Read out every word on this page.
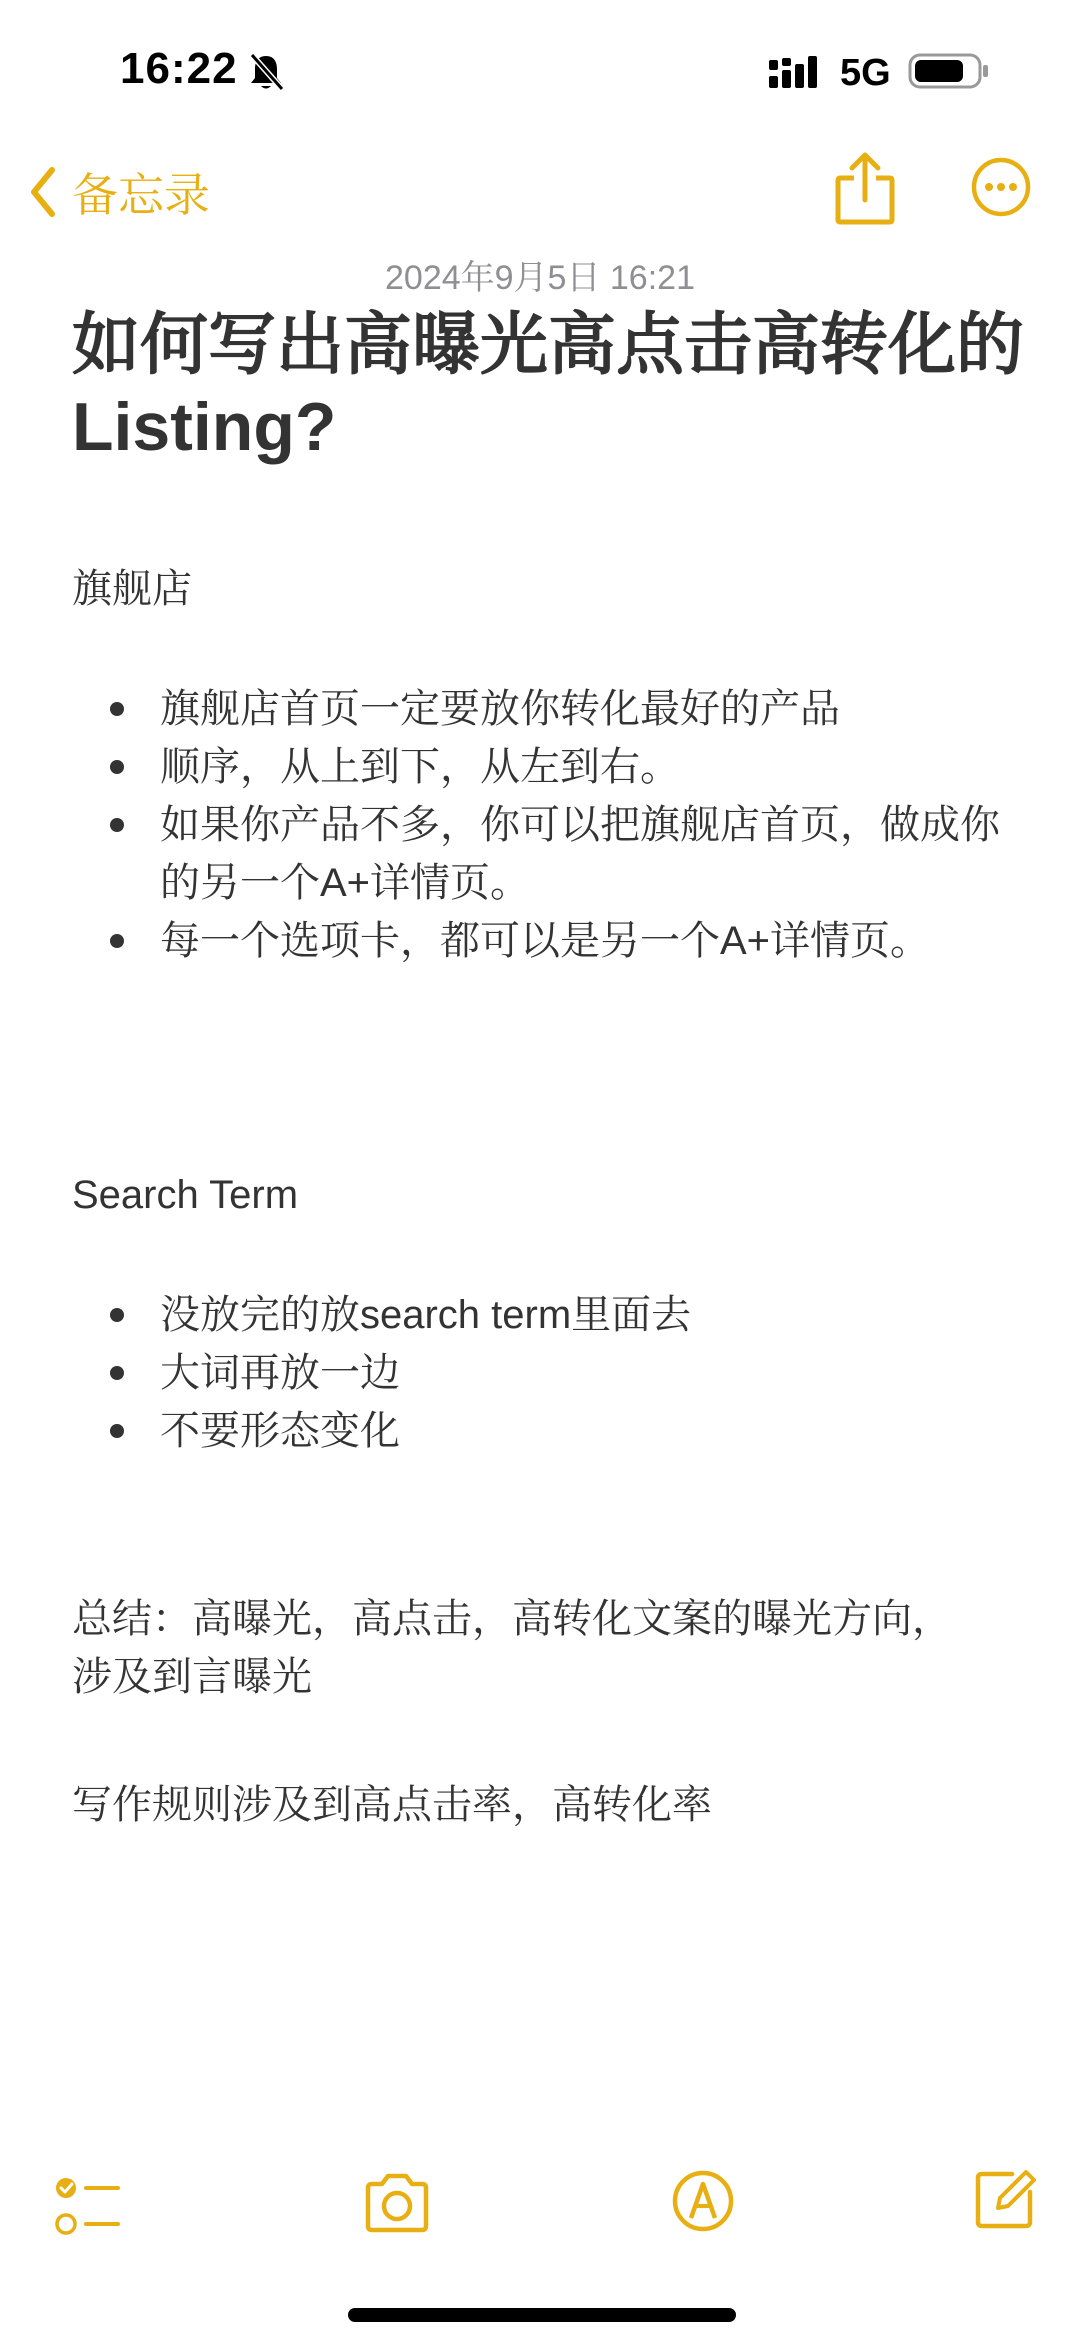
16:22	5G
备忘录
2024年9月5日 16:21
如何写出高曝光高点击高转化的Listing?
旗舰店
旗舰店首页一定要放你转化最好的产品
顺序，从上到下，从左到右。
如果你产品不多，你可以把旗舰店首页，做成你的另一个A+详情页。
每一个选项卡，都可以是另一个A+详情页。
Search Term
没放完的放search term里面去
大词再放一边
不要形态变化
总结：高曝光，高点击，高转化文案的曝光方向，涉及到言曝光
写作规则涉及到高点击率，高转化率
